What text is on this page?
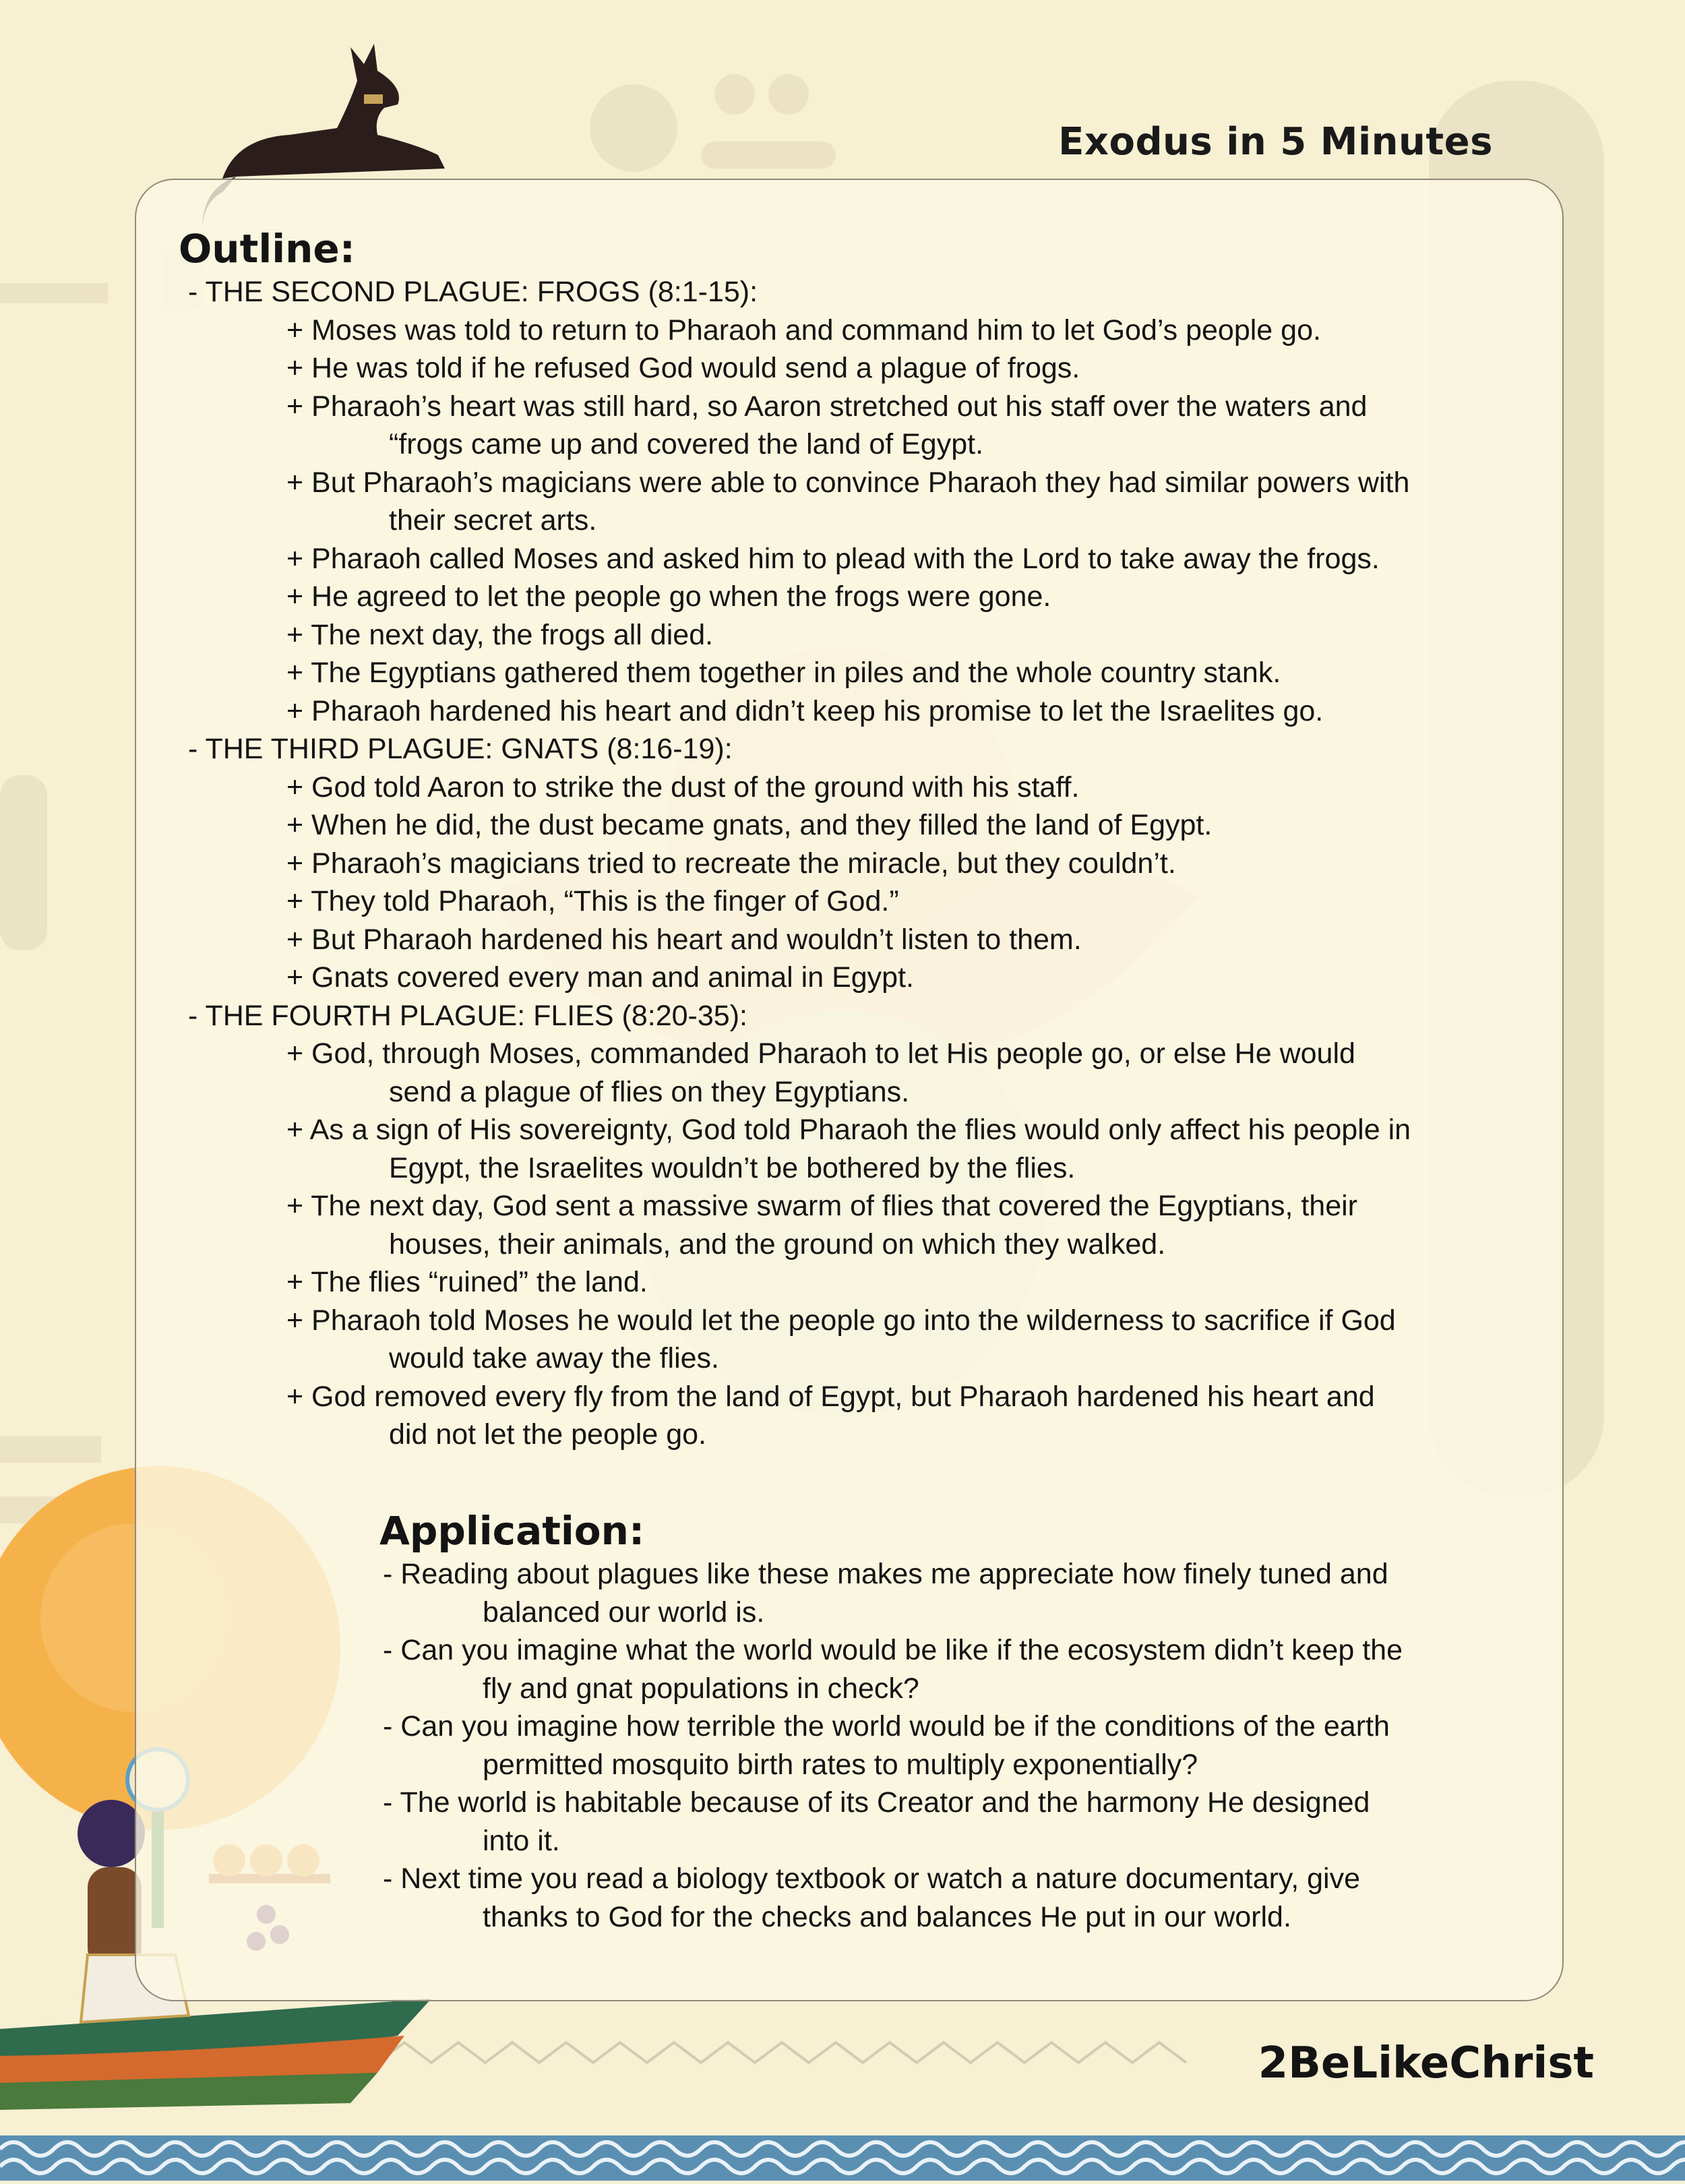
Exodus in 5 Minutes
Outline:
- THE SECOND PLAGUE: FROGS (8:1-15):
+ Moses was told to return to Pharaoh and command him to let God’s people go.
+ He was told if he refused God would send a plague of frogs.
+ Pharaoh’s heart was still hard, so Aaron stretched out his staff over the waters and
“frogs came up and covered the land of Egypt.
+ But Pharaoh’s magicians were able to convince Pharaoh they had similar powers with
their secret arts.
+ Pharaoh called Moses and asked him to plead with the Lord to take away the frogs.
+ He agreed to let the people go when the frogs were gone.
+ The next day, the frogs all died.
+ The Egyptians gathered them together in piles and the whole country stank.
+ Pharaoh hardened his heart and didn’t keep his promise to let the Israelites go.
- THE THIRD PLAGUE: GNATS (8:16-19):
+ God told Aaron to strike the dust of the ground with his staff.
+ When he did, the dust became gnats, and they filled the land of Egypt.
+ Pharaoh’s magicians tried to recreate the miracle, but they couldn’t.
+ They told Pharaoh, “This is the finger of God.”
+ But Pharaoh hardened his heart and wouldn’t listen to them.
+ Gnats covered every man and animal in Egypt.
- THE FOURTH PLAGUE: FLIES (8:20-35):
+ God, through Moses, commanded Pharaoh to let His people go, or else He would
send a plague of flies on they Egyptians.
+ As a sign of His sovereignty, God told Pharaoh the flies would only affect his people in
Egypt, the Israelites wouldn’t be bothered by the flies.
+ The next day, God sent a massive swarm of flies that covered the Egyptians, their
houses, their animals, and the ground on which they walked.
+ The flies “ruined” the land.
+ Pharaoh told Moses he would let the people go into the wilderness to sacrifice if God
would take away the flies.
+ God removed every fly from the land of Egypt, but Pharaoh hardened his heart and
did not let the people go.
Application:
- Reading about plagues like these makes me appreciate how finely tuned and
balanced our world is.
- Can you imagine what the world would be like if the ecosystem didn’t keep the
fly and gnat populations in check?
- Can you imagine how terrible the world would be if the conditions of the earth
permitted mosquito birth rates to multiply exponentially?
- The world is habitable because of its Creator and the harmony He designed
into it.
- Next time you read a biology textbook or watch a nature documentary, give
thanks to God for the checks and balances He put in our world.
2BeLikeChrist
